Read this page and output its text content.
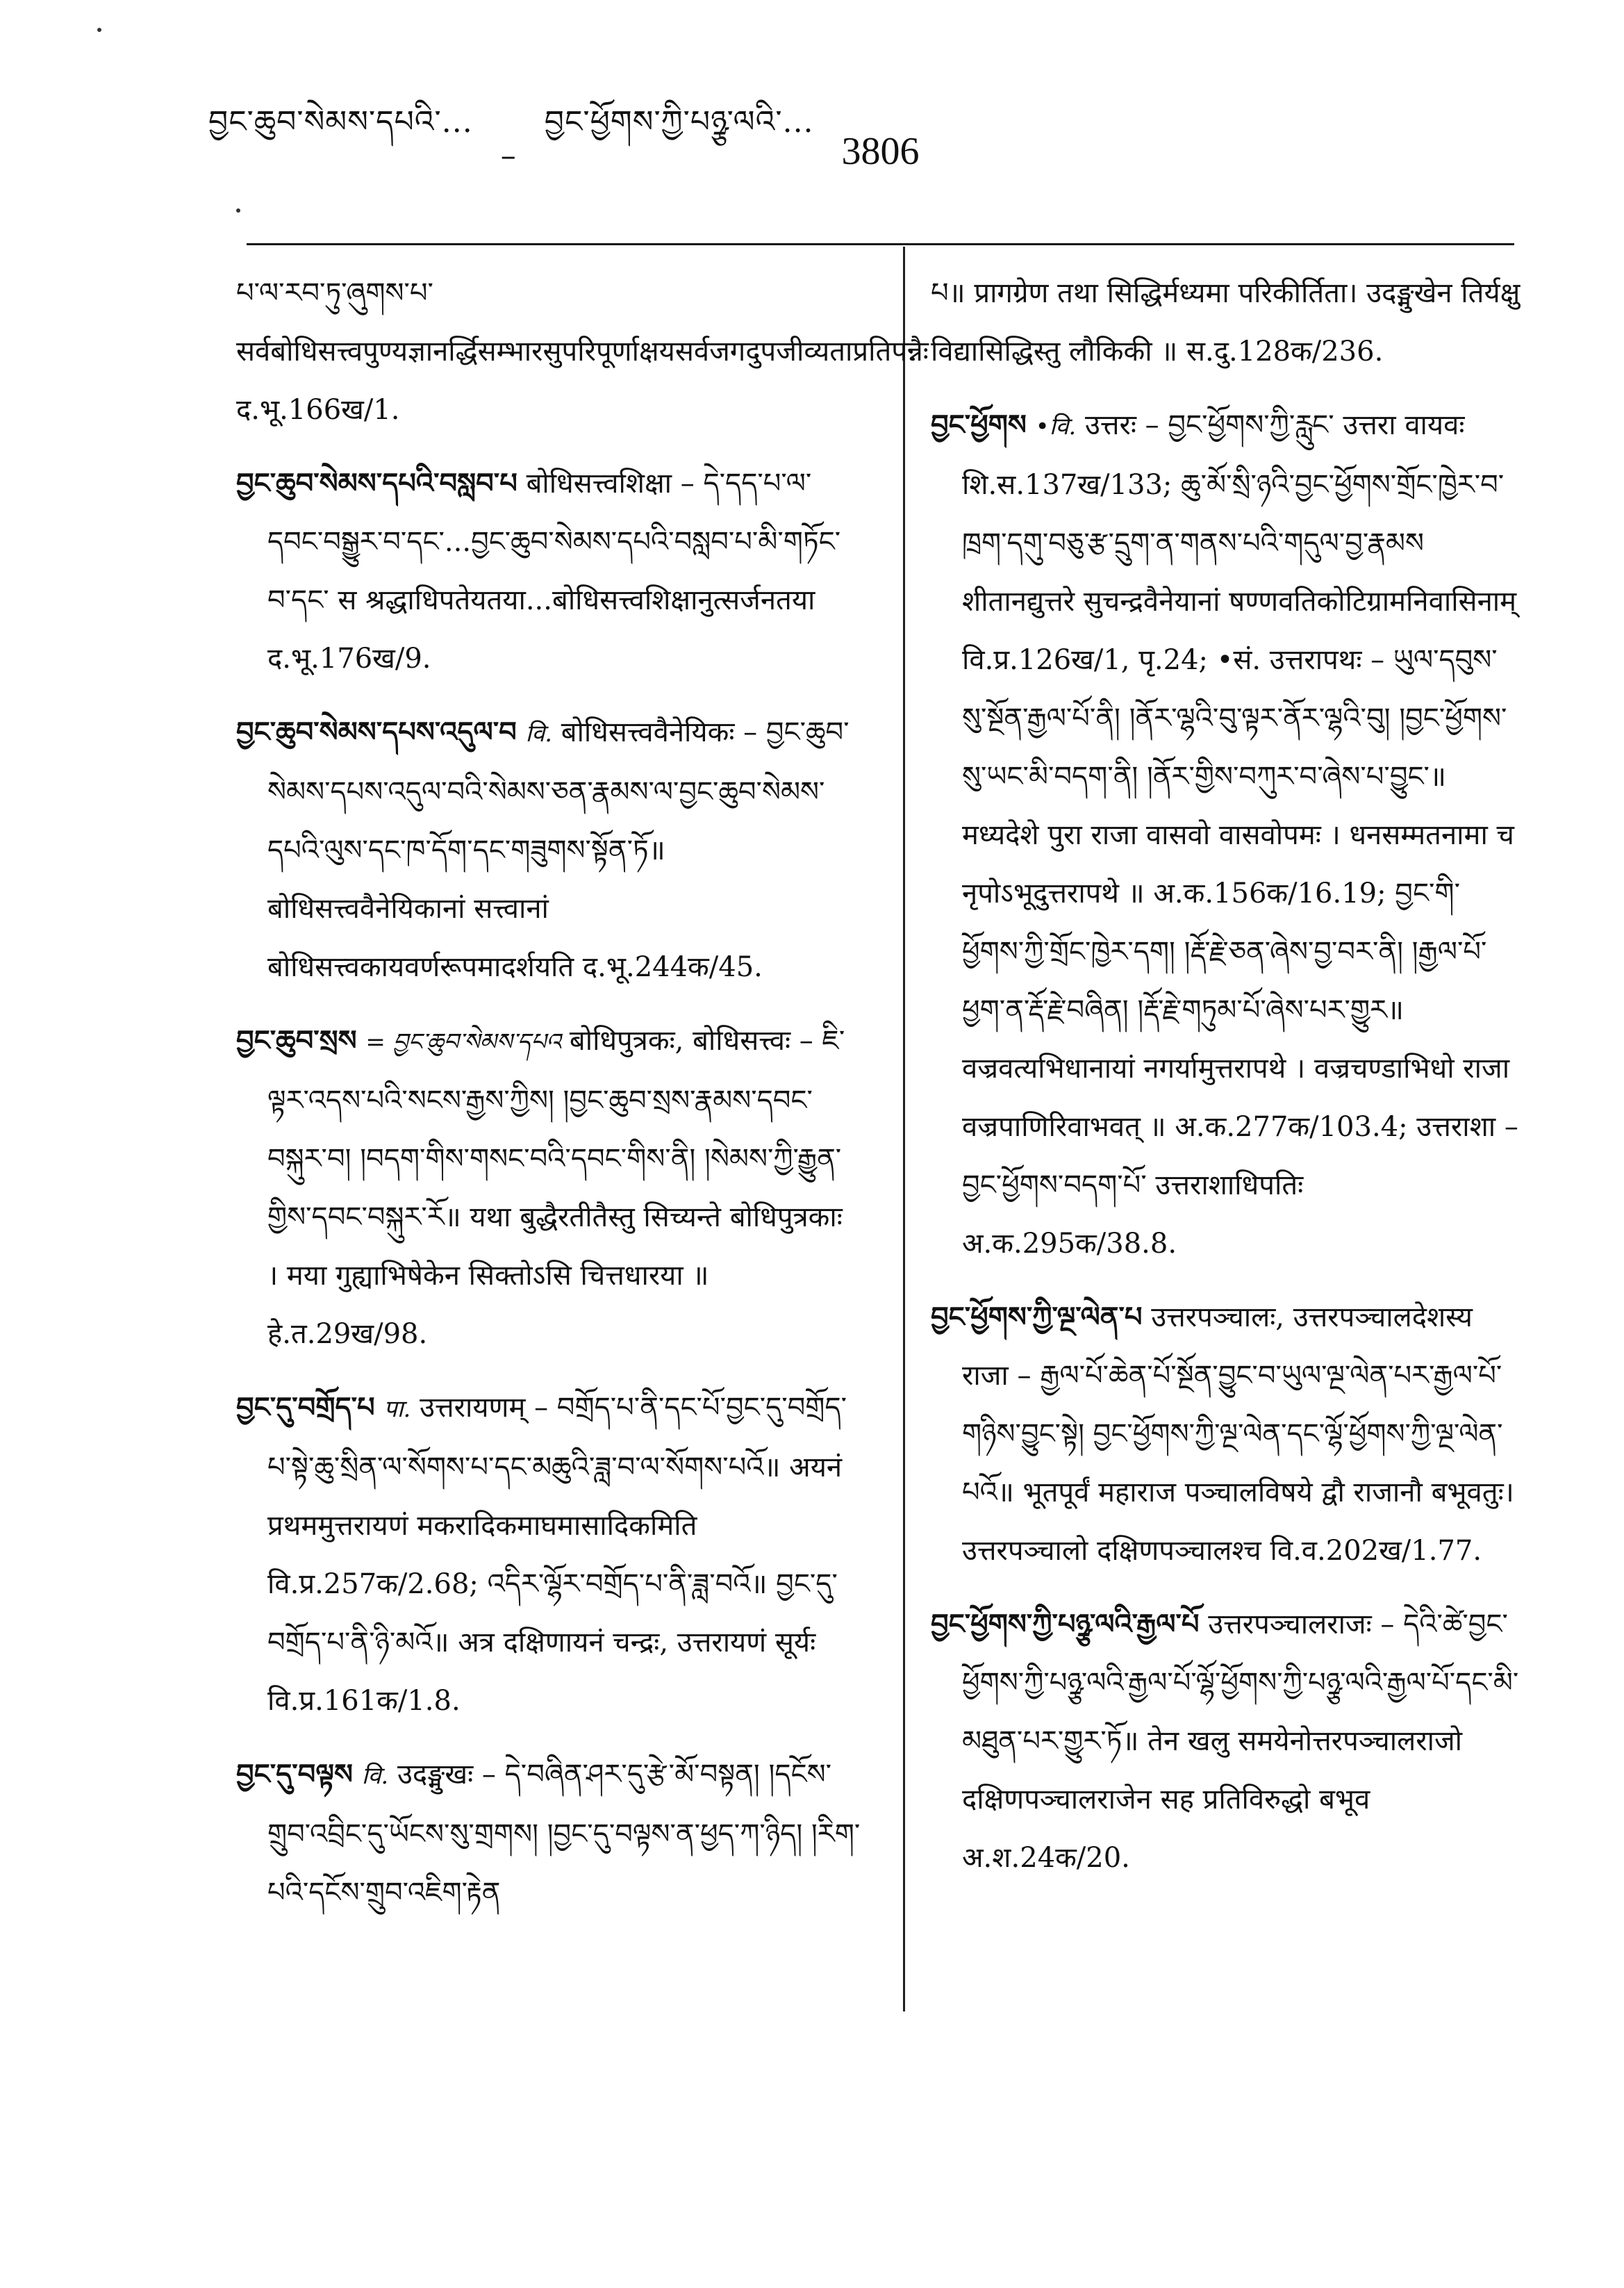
བྱང་ཆུབ་སེམས་དཔའི་...
–
བྱང་ཕྱོགས་ཀྱི་པཉྩ་ལའི་...
3806
པ་ལ་རབ་ཏུ་ཞུགས་པ་ सर्वबोधिसत्त्वपुण्यज्ञानर्द्धिसम्भारसुपरिपूर्णाक्षयसर्वजगदुपजीव्यताप्रतिपन्नैः द.भू.166ख/1.
བྱང་ཆུབ་སེམས་དཔའི་བསླབ་པ बोधिसत्त्वशिक्षा – དེ་དད་པ་ལ་དབང་བསྒྱུར་བ་དང་...བྱང་ཆུབ་སེམས་དཔའི་བསླབ་པ་མི་གཏོང་བ་དང་ स श्रद्धाधिपतेयतया...बोधिसत्त्वशिक्षानुत्सर्जनतया द.भू.176ख/9.
བྱང་ཆུབ་སེམས་དཔས་འདུལ་བ वि. बोधिसत्त्ववैनेयिकः – བྱང་ཆུབ་སེམས་དཔས་འདུལ་བའི་སེམས་ཅན་རྣམས་ལ་བྱང་ཆུབ་སེམས་དཔའི་ལུས་དང་ཁ་དོག་དང་གཟུགས་སྟོན་ཏོ॥ बोधिसत्त्ववैनेयिकानां सत्त्वानां बोधिसत्त्वकायवर्णरूपमादर्शयति द.भू.244क/45.
བྱང་ཆུབ་སྲས = བྱང་ཆུབ་སེམས་དཔའ बोधिपुत्रकः, बोधिसत्त्वः – ཇི་ལྟར་འདས་པའི་སངས་རྒྱས་ཀྱིས། །བྱང་ཆུབ་སྲས་རྣམས་དབང་བསྐུར་བ། །བདག་གིས་གསང་བའི་དབང་གིས་ནི། །སེམས་ཀྱི་རྒྱུན་གྱིས་དབང་བསྐུར་རོ॥ यथा बुद्धैरतीतैस्तु सिच्यन्ते बोधिपुत्रकाः । मया गुह्याभिषेकेन सिक्तोऽसि चित्तधारया ॥ हे.त.29ख/98.
བྱང་དུ་བགྲོད་པ पा. उत्तरायणम् – བགྲོད་པ་ནི་དང་པོ་བྱང་དུ་བགྲོད་པ་སྟེ་ཆུ་སྲིན་ལ་སོགས་པ་དང་མཆུའི་ཟླ་བ་ལ་སོགས་པའོ॥ अयनं प्रथममुत्तरायणं मकरादिकमाघमासादिकमिति वि.प्र.257क/2.68; འདིར་ལྷོར་བགྲོད་པ་ནི་ཟླ་བའོ॥ བྱང་དུ་བགྲོད་པ་ནི་ཉི་མའོ॥ अत्र दक्षिणायनं चन्द्रः, उत्तरायणं सूर्यः वि.प्र.161क/1.8.
བྱང་དུ་བལྟས वि. उदङ्मुखः – དེ་བཞིན་ཤར་དུ་རྩེ་མོ་བསྟན། །དངོས་གྲུབ་འབྲིང་དུ་ཡོངས་སུ་གྲགས། །བྱང་དུ་བལྟས་ན་ཕྱད་ཀ་ཉིད། །རིག་པའི་དངོས་གྲུབ་འཇིག་རྟེན
པ॥ प्रागग्रेण तथा सिद्धिर्मध्यमा परिकीर्तिता। उदङ्मुखेन तिर्यक्षु विद्यासिद्धिस्तु लौकिकी ॥ स.दु.128क/236.
བྱང་ཕྱོགས •वि. उत्तरः – བྱང་ཕྱོགས་ཀྱི་རླུང་ उत्तरा वायवः शि.स.137ख/133; ཆུ་མོ་སྲི་ཉའི་བྱང་ཕྱོགས་གྲོང་ཁྱེར་བ་ཁྲག་དགུ་བཅུ་རྩ་དྲུག་ན་གནས་པའི་གདུལ་བྱ་རྣམས शीतानद्युत्तरे सुचन्द्रवैनेयानां षण्णवतिकोटिग्रामनिवासिनाम् वि.प्र.126ख/1, पृ.24; •सं. उत्तरापथः – ཡུལ་དབུས་སུ་སྔོན་རྒྱལ་པོ་ནི། །ནོར་ལྷའི་བུ་ལྟར་ནོར་ལྷའི་བུ། །བྱང་ཕྱོགས་སུ་ཡང་མི་བདག་ནི། །ནོར་གྱིས་བཀུར་བ་ཞེས་པ་བྱུང་॥ मध्यदेशे पुरा राजा वासवो वासवोपमः । धनसम्मतनामा च नृपोऽभूदुत्तरापथे ॥ अ.क.156क/16.19; བྱང་གི་ཕྱོགས་ཀྱི་གྲོང་ཁྱེར་དག། །རྡོ་རྗེ་ཅན་ཞེས་བྱ་བར་ནི། །རྒྱལ་པོ་ཕྱག་ན་རྡོ་རྗེ་བཞིན། །རྡོ་རྗེ་གཏུམ་པོ་ཞེས་པར་གྱུར॥ वज्रवत्यभिधानायां नगर्यामुत्तरापथे । वज्रचण्डाभिधो राजा वज्रपाणिरिवाभवत् ॥ अ.क.277क/103.4; उत्तराशा – བྱང་ཕྱོགས་བདག་པོ་ उत्तराशाधिपतिः अ.क.295क/38.8.
བྱང་ཕྱོགས་ཀྱི་ལྔ་ལེན་པ उत्तरपञ्चालः, उत्तरपञ्चालदेशस्य राजा – རྒྱལ་པོ་ཆེན་པོ་སྔོན་བྱུང་བ་ཡུལ་ལྔ་ལེན་པར་རྒྱལ་པོ་གཉིས་བྱུང་སྟེ། བྱང་ཕྱོགས་ཀྱི་ལྔ་ལེན་དང་ལྷོ་ཕྱོགས་ཀྱི་ལྔ་ལེན་པའོ॥ भूतपूर्वं महाराज पञ्चालविषये द्वौ राजानौ बभूवतुः। उत्तरपञ्चालो दक्षिणपञ्चालश्च वि.व.202ख/1.77.
བྱང་ཕྱོགས་ཀྱི་པཉྩ་ལའི་རྒྱལ་པོ उत्तरपञ्चालराजः – དེའི་ཚེ་བྱང་ཕྱོགས་ཀྱི་པཉྩ་ལའི་རྒྱལ་པོ་ལྷོ་ཕྱོགས་ཀྱི་པཉྩ་ལའི་རྒྱལ་པོ་དང་མི་མཐུན་པར་གྱུར་ཏོ॥ तेन खलु समयेनोत्तरपञ्चालराजो दक्षिणपञ्चालराजेन सह प्रतिविरुद्धो बभूव अ.श.24क/20.
